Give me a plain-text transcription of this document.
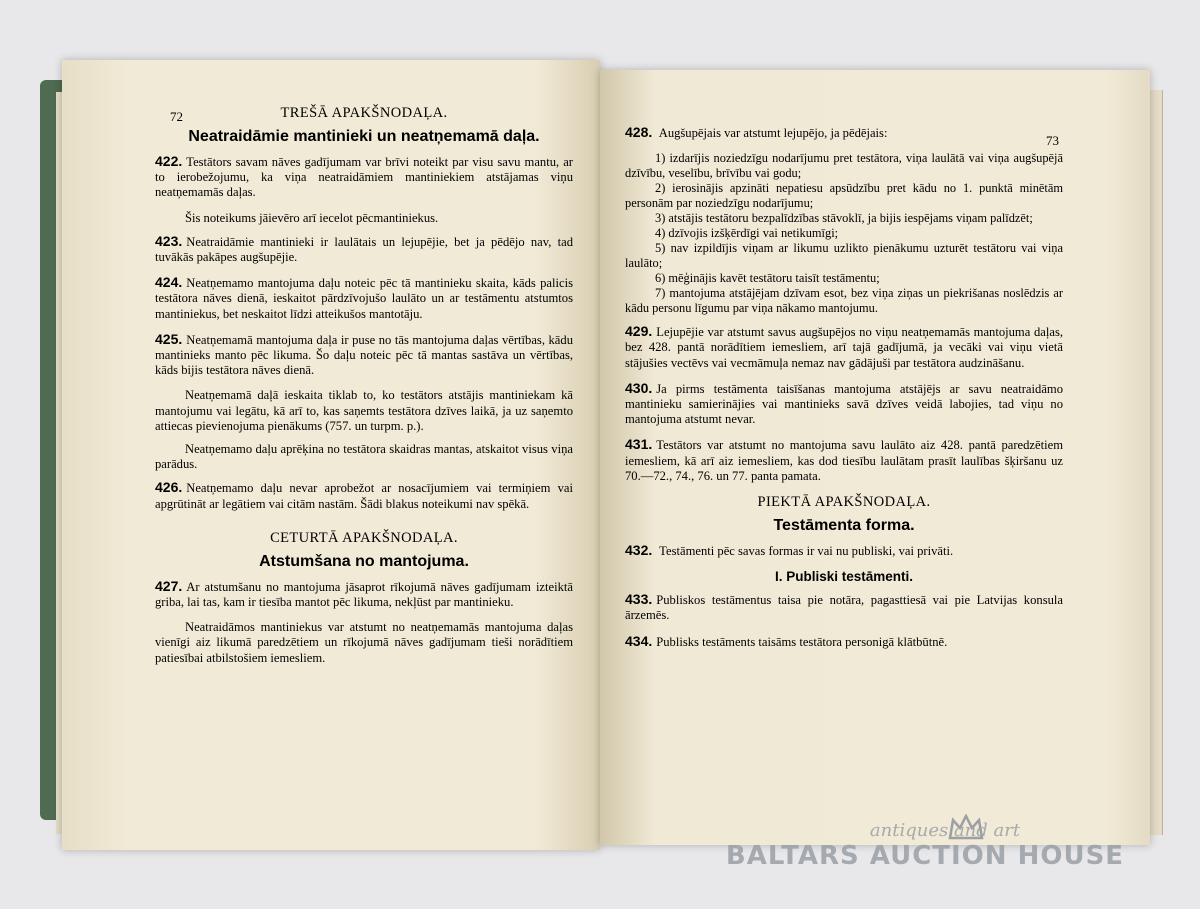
72
73
TREŠĀ APAKŠNODAĻA.
Neatraidāmie mantinieki un neatņemamā daļa.
422. Testātors savam nāves gadījumam var brīvi noteikt par visu savu mantu, ar to ierobežojumu, ka viņa neatraidāmiem mantiniekiem atstājamas viņu neatņemamās daļas.
Šis noteikums jāievēro arī iecelot pēcmantiniekus.
423. Neatraidāmie mantinieki ir laulātais un lejupējie, bet ja pēdējo nav, tad tuvākās pakāpes augšupējie.
424. Neatņemamo mantojuma daļu noteic pēc tā mantinieku skaita, kāds palicis testātora nāves dienā, ieskaitot pārdzīvojušo laulāto un ar testāmentu atstumtos mantiniekus, bet neskaitot līdzi atteikušos mantotāju.
425. Neatņemamā mantojuma daļa ir puse no tās mantojuma daļas vērtības, kādu mantinieks manto pēc likuma. Šo daļu noteic pēc tā mantas sastāva un vērtības, kāds bijis testātora nāves dienā.
Neatņemamā daļā ieskaita tiklab to, ko testātors atstājis mantiniekam kā mantojumu vai legātu, kā arī to, kas saņemts testātora dzīves laikā, ja uz saņemto attiecas pievienojuma pienākums (757. un turpm. p.).
Neatņemamo daļu aprēķina no testātora skaidras mantas, atskaitot visus viņa parādus.
426. Neatņemamo daļu nevar aprobežot ar nosacījumiem vai termiņiem vai apgrūtināt ar legātiem vai citām nastām. Šādi blakus noteikumi nav spēkā.
CETURTĀ APAKŠNODAĻA.
Atstumšana no mantojuma.
427. Ar atstumšanu no mantojuma jāsaprot rīkojumā nāves gadījumam izteiktā griba, lai tas, kam ir tiesība mantot pēc likuma, nekļūst par mantinieku.
Neatraidāmos mantiniekus var atstumt no neatņemamās mantojuma daļas vienīgi aiz likumā paredzētiem un rīkojumā nāves gadījumam tieši norādītiem patiesībai atbilstošiem iemesliem.
428. Augšupējais var atstumt lejupējo, ja pēdējais:
1) izdarījis noziedzīgu nodarījumu pret testātora, viņa laulātā vai viņa augšupējā dzīvību, veselību, brīvību vai godu;
2) ierosinājis apzināti nepatiesu apsūdzību pret kādu no 1. punktā minētām personām par noziedzīgu nodarījumu;
3) atstājis testātoru bezpalīdzības stāvoklī, ja bijis iespējams viņam palīdzēt;
4) dzīvojis izšķērdīgi vai netikumīgi;
5) nav izpildījis viņam ar likumu uzlikto pienākumu uzturēt testātoru vai viņa laulāto;
6) mēģinājis kavēt testātoru taisīt testāmentu;
7) mantojuma atstājējam dzīvam esot, bez viņa ziņas un piekrišanas noslēdzis ar kādu personu līgumu par viņa nākamo mantojumu.
429. Lejupējie var atstumt savus augšupējos no viņu neatņemamās mantojuma daļas, bez 428. pantā norādītiem iemesliem, arī tajā gadījumā, ja vecāki vai viņu vietā stājušies vectēvs vai vecmāmuļa nemaz nav gādājuši par testātora audzināšanu.
430. Ja pirms testāmenta taisīšanas mantojuma atstājējs ar savu neatraidāmo mantinieku samierinājies vai mantinieks savā dzīves veidā labojies, tad viņu no mantojuma atstumt nevar.
431. Testātors var atstumt no mantojuma savu laulāto aiz 428. pantā paredzētiem iemesliem, kā arī aiz iemesliem, kas dod tiesību laulātam prasīt laulības šķiršanu uz 70.—72., 74., 76. un 77. panta pamata.
PIEKTĀ APAKŠNODAĻA.
Testāmenta forma.
432. Testāmenti pēc savas formas ir vai nu publiski, vai privāti.
I. Publiski testāmenti.
433. Publiskos testāmentus taisa pie notāra, pagasttiesā vai pie Latvijas konsula ārzemēs.
434. Publisks testāments taisāms testātora personigā klātbūtnē.
antiques and art
BALTARS AUCTION HOUSE
